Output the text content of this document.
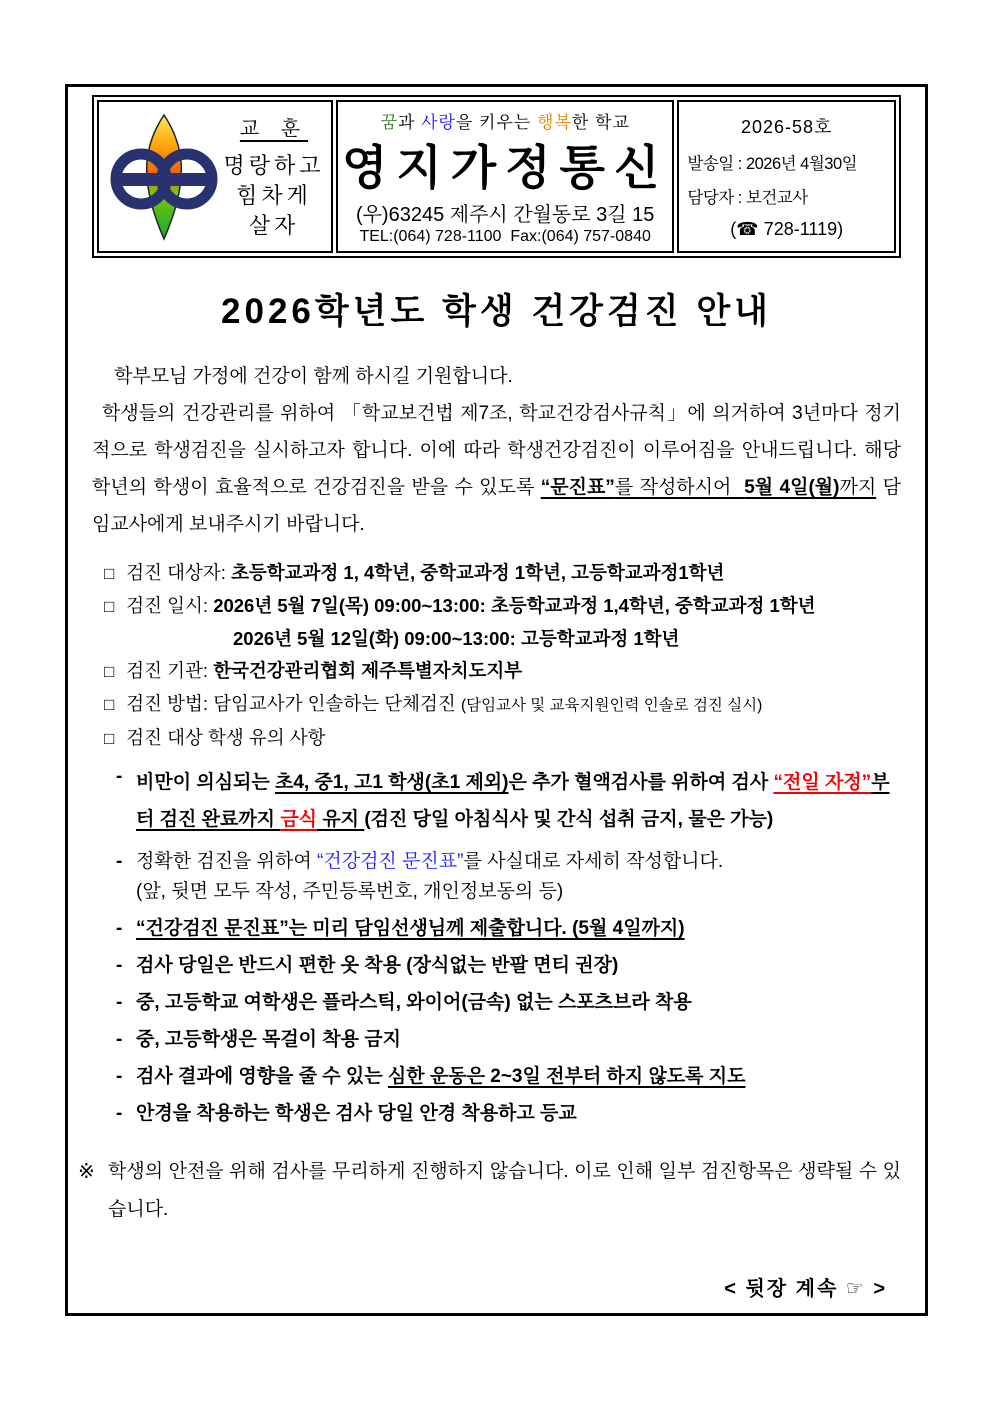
교 훈
명랑하고
힘차게
살자
꿈과 사랑을 키우는 행복한 학교
영지가정통신
(우)63245 제주시 간월동로 3길 15
TEL:(064) 728-1100  Fax:(064) 757-0840
2026-58호
발송일 : 2026년 4월30일
담당자 : 보건교사
(☎ 728-1119)
2026학년도 학생 건강검진 안내
학부모님 가정에 건강이 함께 하시길 기원합니다.
학생들의 건강관리를 위하여 「학교보건법 제7조, 학교건강검사규칙」에 의거하여 3년마다 정기적으로 학생검진을 실시하고자 합니다. 이에 따라 학생건강검진이 이루어짐을 안내드립니다. 해당 학년의 학생이 효율적으로 건강검진을 받을 수 있도록 “문진표”를 작성하시어  5월 4일(월)까지 담임교사에게 보내주시기 바랍니다.
□ 검진 대상자: 초등학교과정 1, 4학년, 중학교과정 1학년, 고등학교과정1학년
□ 검진 일시: 2026년 5월 7일(목) 09:00~13:00: 초등학교과정 1,4학년, 중학교과정 1학년
2026년 5월 12일(화) 09:00~13:00: 고등학교과정 1학년
□ 검진 기관: 한국건강관리협회 제주특별자치도지부
□ 검진 방법: 담임교사가 인솔하는 단체검진 (담임교사 및 교육지원인력 인솔로 검진 실시)
□ 검진 대상 학생 유의 사항
- 비만이 의심되는 초4, 중1, 고1 학생(초1 제외)은 추가 혈액검사를 위하여 검사 “전일 자정”부터 검진 완료까지 금식 유지 (검진 당일 아침식사 및 간식 섭취 금지, 물은 가능)
- 정확한 검진을 위하여 “건강검진 문진표”를 사실대로 자세히 작성합니다.
(앞, 뒷면 모두 작성, 주민등록번호, 개인정보동의 등)
- “건강검진 문진표”는 미리 담임선생님께 제출합니다. (5월 4일까지)
- 검사 당일은 반드시 편한 옷 착용 (장식없는 반팔 면티 권장)
- 중, 고등학교 여학생은 플라스틱, 와이어(금속) 없는 스포츠브라 착용
- 중, 고등학생은 목걸이 착용 금지
- 검사 결과에 영향을 줄 수 있는 심한 운동은 2~3일 전부터 하지 않도록 지도
- 안경을 착용하는 학생은 검사 당일 안경 착용하고 등교
※ 학생의 안전을 위해 검사를 무리하게 진행하지 않습니다. 이로 인해 일부 검진항목은 생략될 수 있습니다.
< 뒷장 계속 ☞ >
